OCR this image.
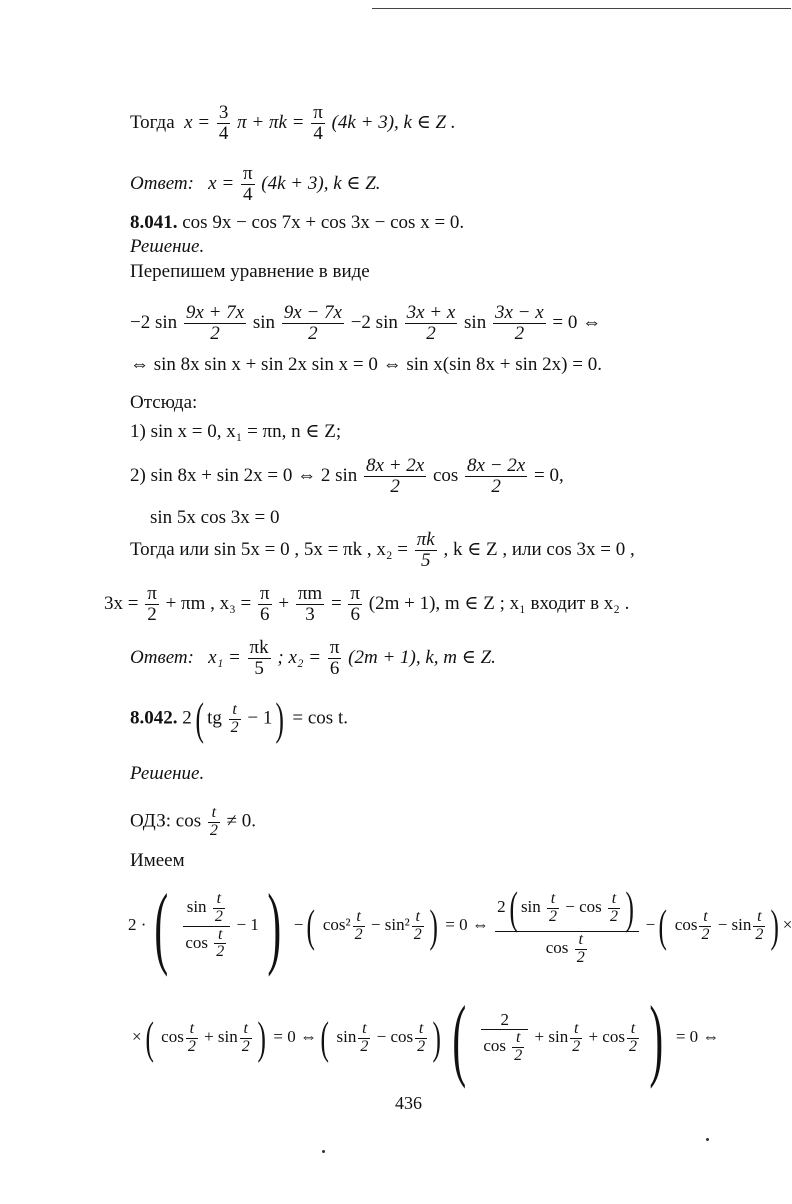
Тогда $x = \frac{3}{4}$ $\pi + \pi k = \frac{\pi}{4} (4k + 3)$, k ∈ Z .
Ответ: $x = \frac{\pi}{4} (4k + 3)$, k ∈ Z.
8.041. cos 9x − cos 7x + cos 3x − cos x = 0.
Решение.
Перепишем уравнение в виде
−2 $\sin \frac{9x + 7x}{2}$ $\sin \frac{9x - 7x}{2} -2$ $\sin \frac{3x + x}{2}$ $\sin \frac{3x - x}{2} = 0$ ⇔
⇔ sin 8x sin x + sin 2x sin x = 0 ⇔ sin x(sin 8x + sin 2x) = 0.
Отсюда:
1) sin x = 0, x₁ = πn, n ∈ Z;
2) sin 8x + sin 2x = 0 ⇔ 2 $\sin \frac{8x + 2x}{2}$ $\cos \frac{8x - 2x}{2} = 0$,
sin 5x cos 3x = 0
Тогда или sin 5x = 0 , 5x = πk , $x_2 = \frac{\pi k}{5}$ , k ∈ Z , или cos 3x = 0 ,
$3x = \frac{\pi}{2} + \pi m$ , $x_3 = \frac{\pi}{6} + \frac{\pi m}{3} = \frac{\pi}{6} (2m + 1)$, m ∈ Z ; x₁ входит в x₂ .
Ответ: $x_1 = \frac{\pi k}{5}$ ; $x_2 = \frac{\pi}{6} (2m + 1)$, k, m ∈ Z.
8.042. 2( tg $\frac{t}{2} - 1) = \cos t$.
Решение.
ОДЗ: $\cos \frac{t}{2} \ne 0$.
Имеем
2 ·( $\frac{\sin \frac{t}{2}}{\cos \frac{t}{2}} - 1$) −( $\cos^2 \frac{t}{2} - \sin^2 \frac{t}{2}$ ) = 0 ⇔ $\frac{2( \sin \frac{t}{2} - \cos \frac{t}{2} )}{\cos \frac{t}{2}}$ −( $\cos \frac{t}{2} - \sin \frac{t}{2}$ ) ×
×( $\cos \frac{t}{2} + \sin \frac{t}{2}$ ) = 0 ⇔( $\sin \frac{t}{2} - \cos \frac{t}{2}$ ) ( $\frac{2}{\cos \frac{t}{2}} + \sin \frac{t}{2} + \cos \frac{t}{2}$ ) = 0 ⇔
436
